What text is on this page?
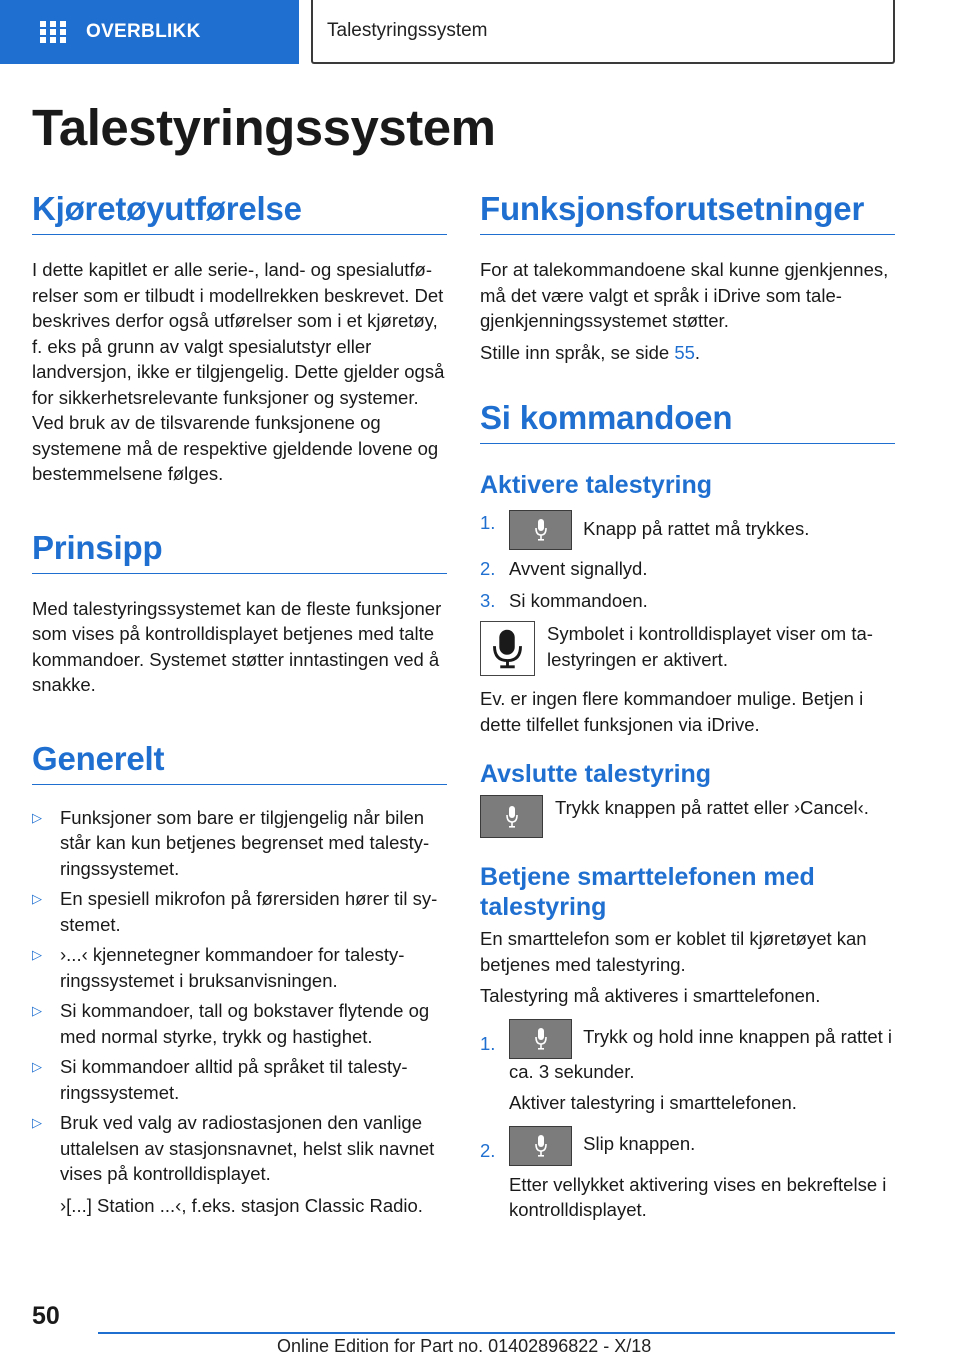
OVERBLIKK	Talestyringssystem
Talestyringssystem
Kjøretøyutførelse

I dette kapitlet er alle serie-, land- og spesialutførelser som er tilbudt i modellrekken beskrevet. Det beskrives derfor også utførelser som i et kjøretøy, f. eks på grunn av valgt spesialutstyr eller landversjon, ikke er tilgjengelig. Dette gjelder også for sikkerhetsrelevante funksjoner og systemer. Ved bruk av de tilsvarende funksjonene og systemene må de respektive gjeldende lovene og bestemmelsene følges.

Prinsipp

Med talestyringssystemet kan de fleste funksjoner som vises på kontrolldisplayet betjenes med talte kommandoer. Systemet støtter inntastingen ved å snakke.

Generelt
▷ Funksjoner som bare er tilgjengelig når bilen står kan kun betjenes begrenset med talestyringssystemet.
▷ En spesiell mikrofon på førersiden hører til systemet.
▷ ›...‹ kjennetegner kommandoer for talestyringssystemet i bruksanvisningen.
▷ Si kommandoer, tall og bokstaver flytende og med normal styrke, trykk og hastighet.
▷ Si kommandoer alltid på språket til talestyringssystemet.
▷ Bruk ved valg av radiostasjonen den vanlige uttalelsen av stasjonsnavnet, helst slik navnet vises på kontrolldisplayet.

›[...] Station ...‹, f.eks. stasjon Classic Radio.

Funksjonsforutsetninger

For at talekommandoene skal kunne gjenkjennes, må det være valgt et språk i iDrive som talegjenkjenningssystemet støtter.

Stille inn språk, se side 55.

Si kommandoen
Aktivere talestyring
1.	Knapp på rattet må trykkes.
2. Avvent signallyd.
3. Si kommandoen.

Symbolet i kontrolldisplayet viser om talestyringen er aktivert.

Ev. er ingen flere kommandoer mulige. Betjen i dette tilfellet funksjonen via iDrive.

Avslutte talestyring

Trykk knappen på rattet eller ›Cancel‹.

Betjene smarttelefonen med talestyring

En smarttelefon som er koblet til kjøretøyet kan betjenes med talestyring.

Talestyring må aktiveres i smarttelefonen.

1.	Trykk og hold inne knappen på rattet i ca. 3 sekunder.

Aktiver talestyring i smarttelefonen.

2.	Slip knappen.

Etter vellykket aktivering vises en bekreftelse i kontrolldisplayet.

50
Online Edition for Part no. 01402896822 - X/18
